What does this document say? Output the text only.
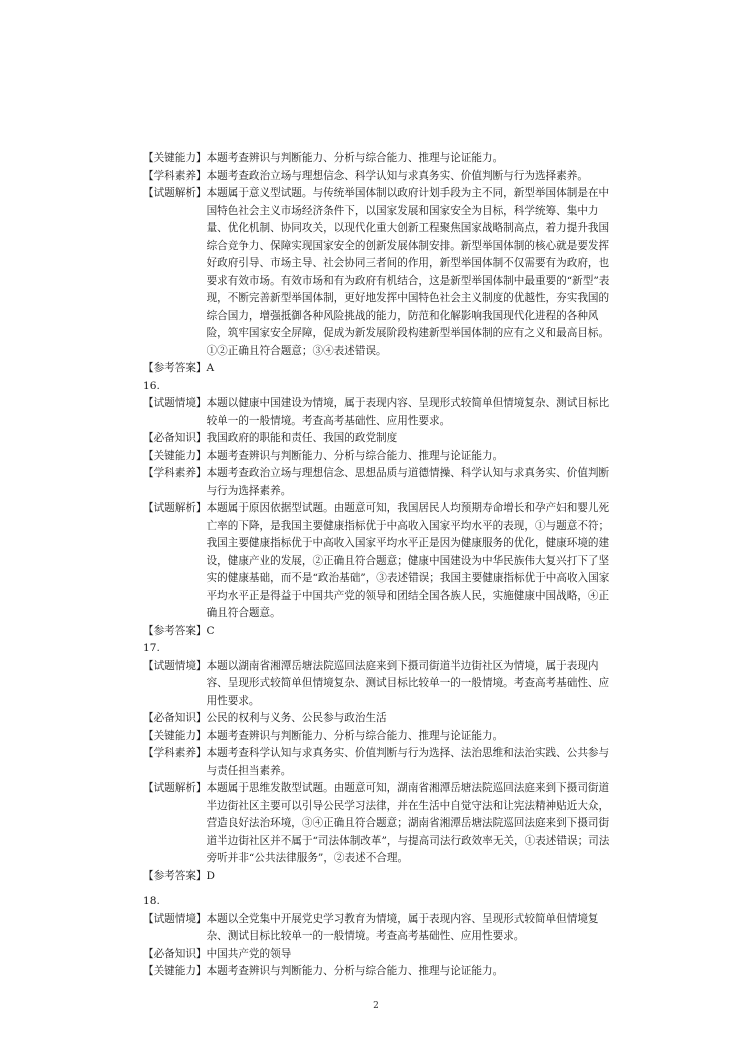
【关键能力】 本题考查辨识与判断能力、分析与综合能力、推理与论证能力。
【学科素养】 本题考查政治立场与理想信念、科学认知与求真务实、价值判断与行为选择素养。
【试题解析】 本题属于意义型试题。与传统举国体制以政府计划手段为主不同，新型举国体制是在中国特色社会主义市场经济条件下，以国家发展和国家安全为目标，科学统筹、集中力量、优化机制、协同攻关，以现代化重大创新工程聚焦国家战略制高点，着力提升我国综合竞争力、保障实现国家安全的创新发展体制安排。新型举国体制的核心就是要发挥好政府引导、市场主导、社会协同三者间的作用，新型举国体制不仅需要有为政府，也要求有效市场。有效市场和有为政府有机结合，这是新型举国体制中最重要的“新型”表现，不断完善新型举国体制，更好地发挥中国特色社会主义制度的优越性，夯实我国的综合国力，增强抵御各种风险挑战的能力，防范和化解影响我国现代化进程的各种风险，筑牢国家安全屏障，促成为新发展阶段构建新型举国体制的应有之义和最高目标。①②正确且符合题意；③④表述错误。
【参考答案】A
16.
【试题情境】 本题以健康中国建设为情境，属于表现内容、呈现形式较简单但情境复杂、测试目标比较单一的一般情境。考查高考基础性、应用性要求。
【必备知识】 我国政府的职能和责任、我国的政党制度
【关键能力】 本题考查辨识与判断能力、分析与综合能力、推理与论证能力。
【学科素养】 本题考查政治立场与理想信念、思想品质与道德情操、科学认知与求真务实、价值判断与行为选择素养。
【试题解析】 本题属于原因依据型试题。由题意可知，我国居民人均预期寿命增长和孕产妇和婴儿死亡率的下降，是我国主要健康指标优于中高收入国家平均水平的表现，①与题意不符；我国主要健康指标优于中高收入国家平均水平正是因为健康服务的优化，健康环境的建设，健康产业的发展，②正确且符合题意；健康中国建设为中华民族伟大复兴打下了坚实的健康基础，而不是“政治基础”，③表述错误；我国主要健康指标优于中高收入国家平均水平正是得益于中国共产党的领导和团结全国各族人民，实施健康中国战略，④正确且符合题意。
【参考答案】C
17.
【试题情境】 本题以湖南省湘潭岳塘法院巡回法庭来到下摄司街道半边街社区为情境，属于表现内容、呈现形式较简单但情境复杂、测试目标比较单一的一般情境。考查高考基础性、应用性要求。
【必备知识】 公民的权利与义务、公民参与政治生活
【关键能力】 本题考查辨识与判断能力、分析与综合能力、推理与论证能力。
【学科素养】 本题考查科学认知与求真务实、价值判断与行为选择、法治思维和法治实践、公共参与与责任担当素养。
【试题解析】 本题属于思维发散型试题。由题意可知，湖南省湘潭岳塘法院巡回法庭来到下摄司街道半边街社区主要可以引导公民学习法律，并在生活中自觉守法和让宪法精神贴近大众，营造良好法治环境，③④正确且符合题意；湖南省湘潭岳塘法院巡回法庭来到下摄司街道半边街社区并不属于“司法体制改革”，与提高司法行政效率无关，①表述错误；司法旁听并非“公共法律服务”，②表述不合理。
【参考答案】D
18.
【试题情境】 本题以全党集中开展党史学习教育为情境，属于表现内容、呈现形式较简单但情境复杂、测试目标比较单一的一般情境。考查高考基础性、应用性要求。
【必备知识】 中国共产党的领导
【关键能力】 本题考查辨识与判断能力、分析与综合能力、推理与论证能力。
2
